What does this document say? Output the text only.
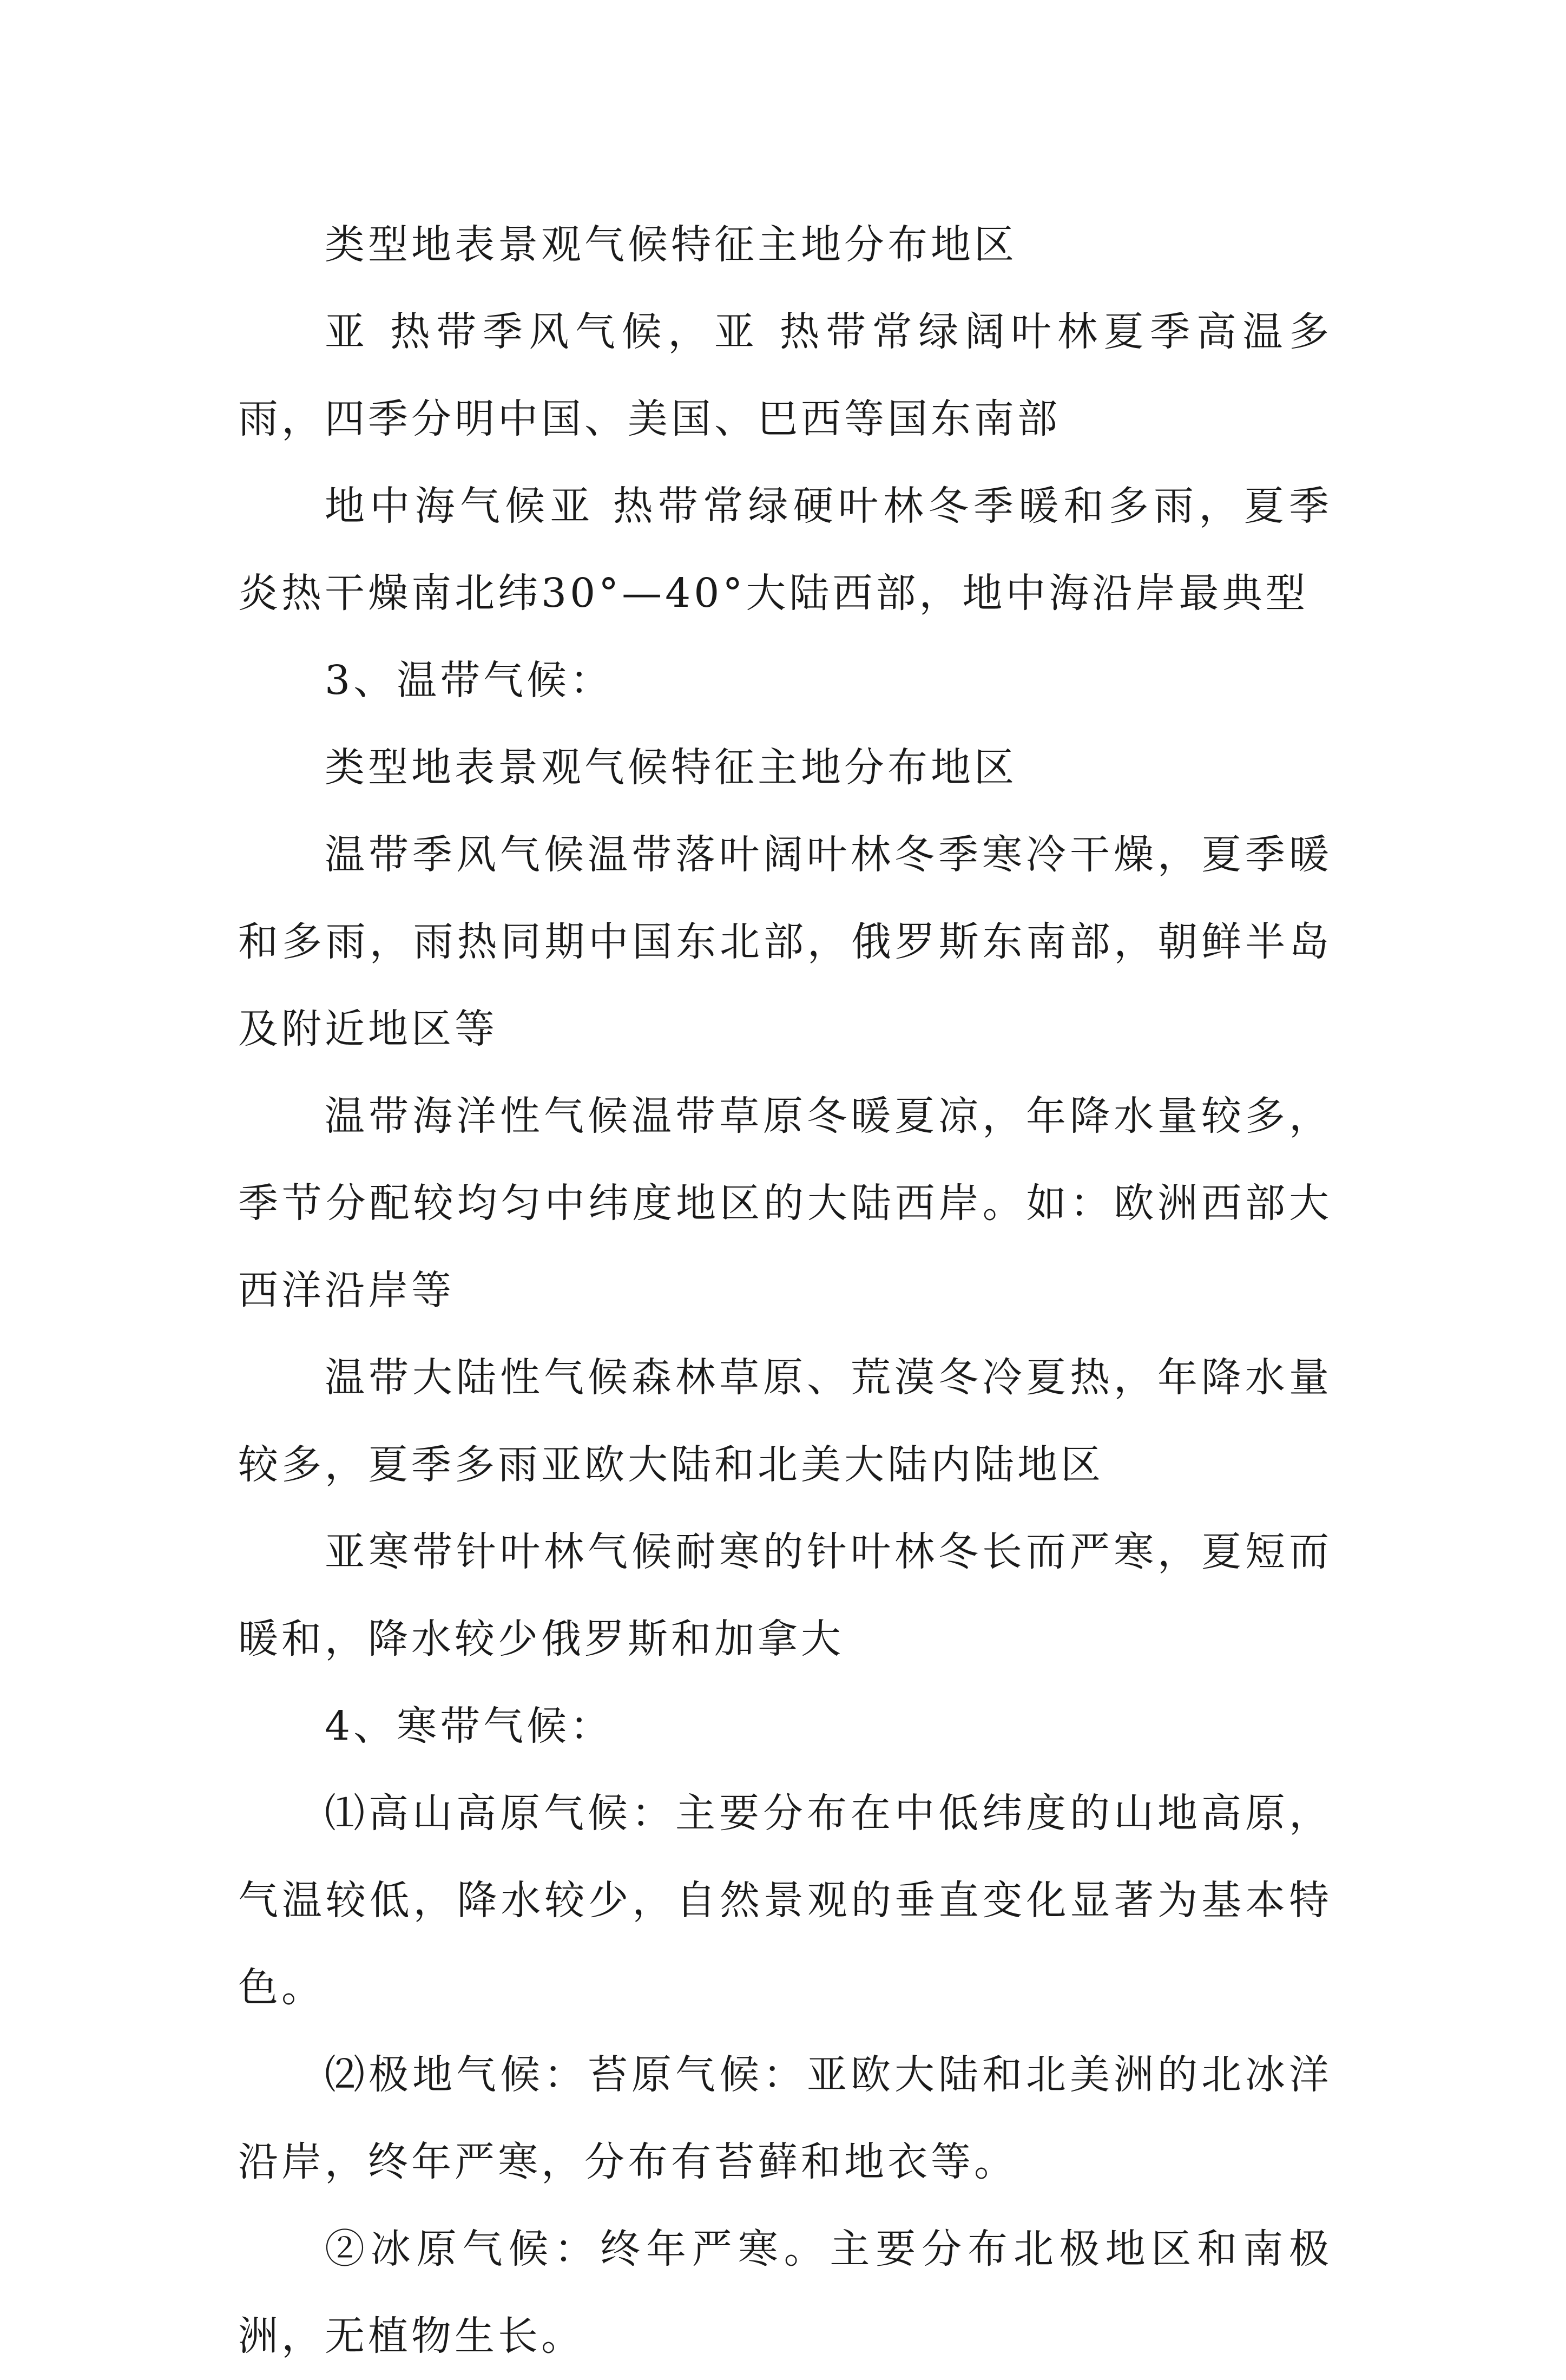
类型地表景观气候特征主地分布地区

亚 热带季风气候，亚 热带常绿阔叶林夏季高温多雨，四季分明中国、美国、巴西等国东南部

地中海气候亚 热带常绿硬叶林冬季暖和多雨，夏季炎热干燥南北纬30°—40°大陆西部，地中海沿岸最典型

3、温带气候：

类型地表景观气候特征主地分布地区

温带季风气候温带落叶阔叶林冬季寒冷干燥，夏季暖和多雨，雨热同期中国东北部，俄罗斯东南部，朝鲜半岛及附近地区等

温带海洋性气候温带草原冬暖夏凉，年降水量较多，季节分配较均匀中纬度地区的大陆西岸。如：欧洲西部大西洋沿岸等

温带大陆性气候森林草原、荒漠冬冷夏热，年降水量较多，夏季多雨亚欧大陆和北美大陆内陆地区

亚寒带针叶林气候耐寒的针叶林冬长而严寒，夏短而暖和，降水较少俄罗斯和加拿大

4、寒带气候：

⑴高山高原气候：主要分布在中低纬度的山地高原，气温较低，降水较少，自然景观的垂直变化显著为基本特色。

⑵极地气候：苔原气候：亚欧大陆和北美洲的北冰洋沿岸，终年严寒，分布有苔藓和地衣等。

②冰原气候：终年严寒。主要分布北极地区和南极洲，无植物生长。
